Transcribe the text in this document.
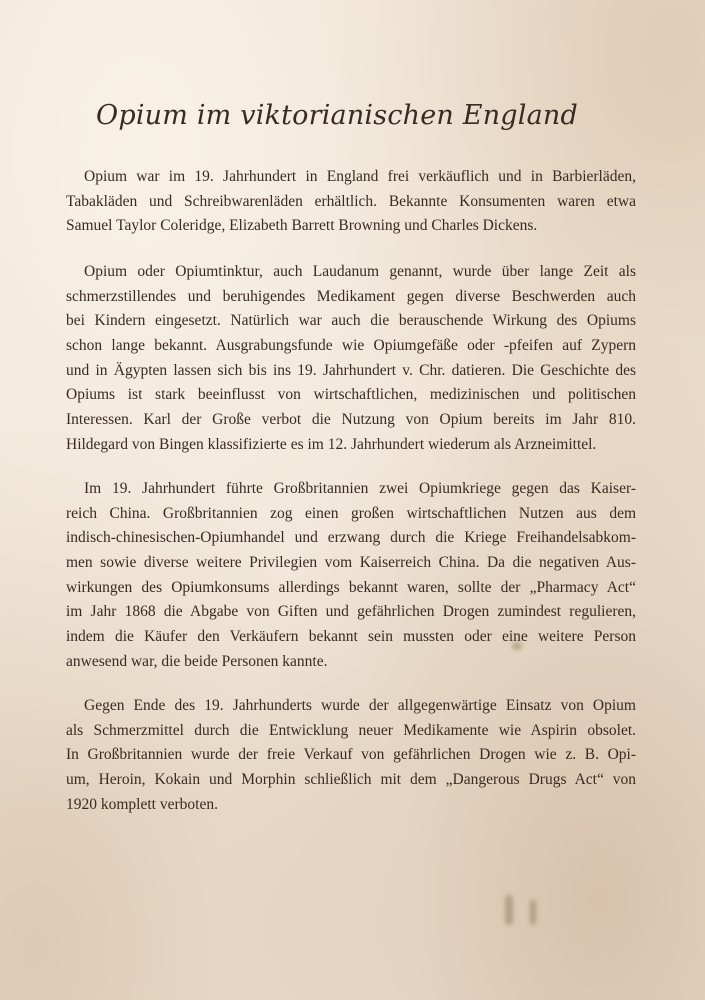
Opium im viktorianischen England
Opium war im 19. Jahrhundert in England frei verkäuflich und in Barbierläden,
Tabakläden und Schreibwarenläden erhältlich. Bekannte Konsumenten waren etwa
Samuel Taylor Coleridge, Elizabeth Barrett Browning und Charles Dickens.
Opium oder Opiumtinktur, auch Laudanum genannt, wurde über lange Zeit als
schmerzstillendes und beruhigendes Medikament gegen diverse Beschwerden auch
bei Kindern eingesetzt. Natürlich war auch die berauschende Wirkung des Opiums
schon lange bekannt. Ausgrabungsfunde wie Opiumgefäße oder -pfeifen auf Zypern
und in Ägypten lassen sich bis ins 19. Jahrhundert v. Chr. datieren. Die Geschichte des
Opiums ist stark beeinflusst von wirtschaftlichen, medizinischen und politischen
Interessen. Karl der Große verbot die Nutzung von Opium bereits im Jahr 810.
Hildegard von Bingen klassifizierte es im 12. Jahrhundert wiederum als Arzneimittel.
Im 19. Jahrhundert führte Großbritannien zwei Opiumkriege gegen das Kaiser-
reich China. Großbritannien zog einen großen wirtschaftlichen Nutzen aus dem
indisch-chinesischen-Opiumhandel und erzwang durch die Kriege Freihandelsabkom-
men sowie diverse weitere Privilegien vom Kaiserreich China. Da die negativen Aus-
wirkungen des Opiumkonsums allerdings bekannt waren, sollte der „Pharmacy Act“
im Jahr 1868 die Abgabe von Giften und gefährlichen Drogen zumindest regulieren,
indem die Käufer den Verkäufern bekannt sein mussten oder eine weitere Person
anwesend war, die beide Personen kannte.
Gegen Ende des 19. Jahrhunderts wurde der allgegenwärtige Einsatz von Opium
als Schmerzmittel durch die Entwicklung neuer Medikamente wie Aspirin obsolet.
In Großbritannien wurde der freie Verkauf von gefährlichen Drogen wie z. B. Opi-
um, Heroin, Kokain und Morphin schließlich mit dem „Dangerous Drugs Act“ von
1920 komplett verboten.
